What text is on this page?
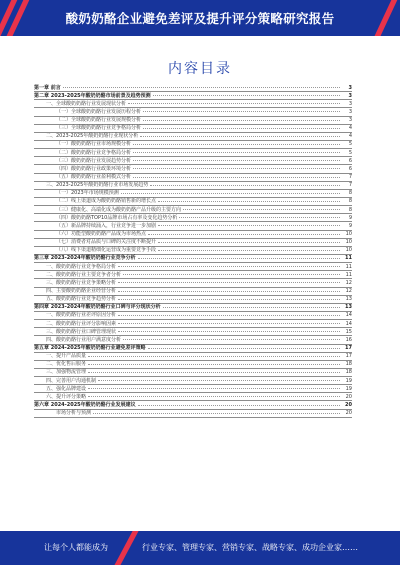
酸奶奶酪企业避免差评及提升评分策略研究报告
内容目录
第一章 前言	3
第二章 2023-2025年酸奶奶酪市场前景及趋势预测	3
一、全球酸奶奶酪行业发展现状分析	3
（一）全球酸奶奶酪行业发展历程分析	3
（二）全球酸奶奶酪行业发展规模分析	3
（三）全球酸奶奶酪行业竞争格局分析	4
二、2023-2025年酸奶奶酪行业现状分析	4
（一）酸奶奶酪行业市场规模分析	5
（二）酸奶奶酪行业竞争格局分析	5
（三）酸奶奶酪行业发展趋势分析	6
（四）酸奶奶酪行业政策环境分析	6
（五）酸奶奶酪行业盈利模式分析	7
三、2023-2025年酸奶奶酪行业市场发展趋势	7
（一）2023年市场规模预测	8
（二）线上渠道成为酸奶奶酪销售新的增长点	8
（三）健康化、高端化成为酸奶奶酪产品升级的主要方向	8
（四）酸奶奶酪TOP10品牌市场占有率及变化趋势分析	9
（五）新品牌持续涌入，行业竞争进一步加剧	9
（六）功能型酸奶奶酪产品成为市场热点	10
（七）消费者对品质与口碑的关注度不断提升	10
（八）线下渠道精细化运营成为重要竞争手段	10
第三章 2023-2024年酸奶奶酪行业竞争分析	11
一、酸奶奶酪行业竞争格局分析	11
二、酸奶奶酪行业主要竞争者分析	11
三、酸奶奶酪行业竞争策略分析	12
四、主要酸奶奶酪企业经营分析	12
五、酸奶奶酪行业竞争趋势分析	13
第四章 2023-2024年酸奶奶酪行业口碑与评分现状分析	13
一、酸奶奶酪行业差评原因分析	14
二、酸奶奶酪行业评分影响因素	14
三、酸奶奶酪行业口碑管理现状	15
四、酸奶奶酪行业用户满意度分析	16
第五章 2024-2025年酸奶奶酪行业避免差评策略	17
一、提升产品质量	17
二、优化售后服务	18
三、加强物流管理	18
四、完善用户沟通机制	19
五、强化品牌建设	19
六、提升评分策略	20
第六章 2024-2025年酸奶奶酪行业发展建议	20
市场分析与预测	20
让每个人都能成为	行业专家、管理专家、营销专家、战略专家、成功企业家……
